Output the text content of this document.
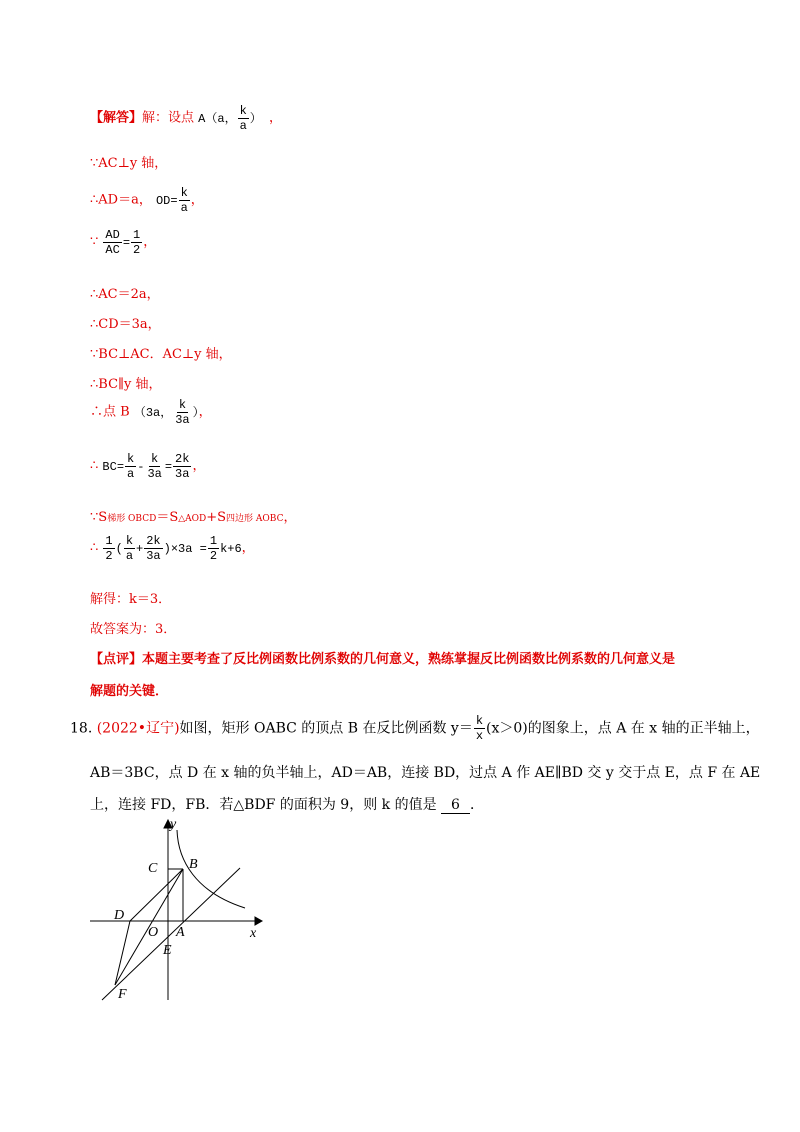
【解答】解：设点 A（a， $\frac{k}{a}$ ） ，
∵AC⊥y 轴，
∴AD＝a， $OD= \frac{k}{a}$ ，
∵ $\frac{AD}{AC} = \frac{1}{2}$ ，
∴AC＝2a，
∴CD＝3a，
∵BC⊥AC．AC⊥y 轴，
∴BC∥y 轴，
∴点 B （3a， $\frac{k}{3a}$ ），
∴ $BC= \frac{k}{a} - \frac{k}{3a} = \frac{2k}{3a}$ ，
∵S梯形 OBCD＝S△AOD+S四边形 AOBC，
∴ $\frac{1}{2}$ ( $\frac{k}{a} + \frac{2k}{3a} )\times 3a = \frac{1}{2} k+6$，
解得：k＝3．
故答案为：3．
【点评】本题主要考查了反比例函数比例系数的几何意义，熟练掌握反比例函数比例系数的几何意义是
解题的关键．
18. (2022•辽宁)如图，矩形 OABC 的顶点 B 在反比例函数 $y= \frac{k}{x} (x>0)$的图象上，点 A 在 x 轴的正半轴上，
AB＝3BC，点 D 在 x 轴的负半轴上，AD＝AB，连接 BD，过点 A 作 AE∥BD 交 y 交于点 E，点 F 在 AE
上，连接 FD，FB．若△BDF 的面积为 9，则 k 的值是 6 ．
y
x
C B
D
O A
E
F
